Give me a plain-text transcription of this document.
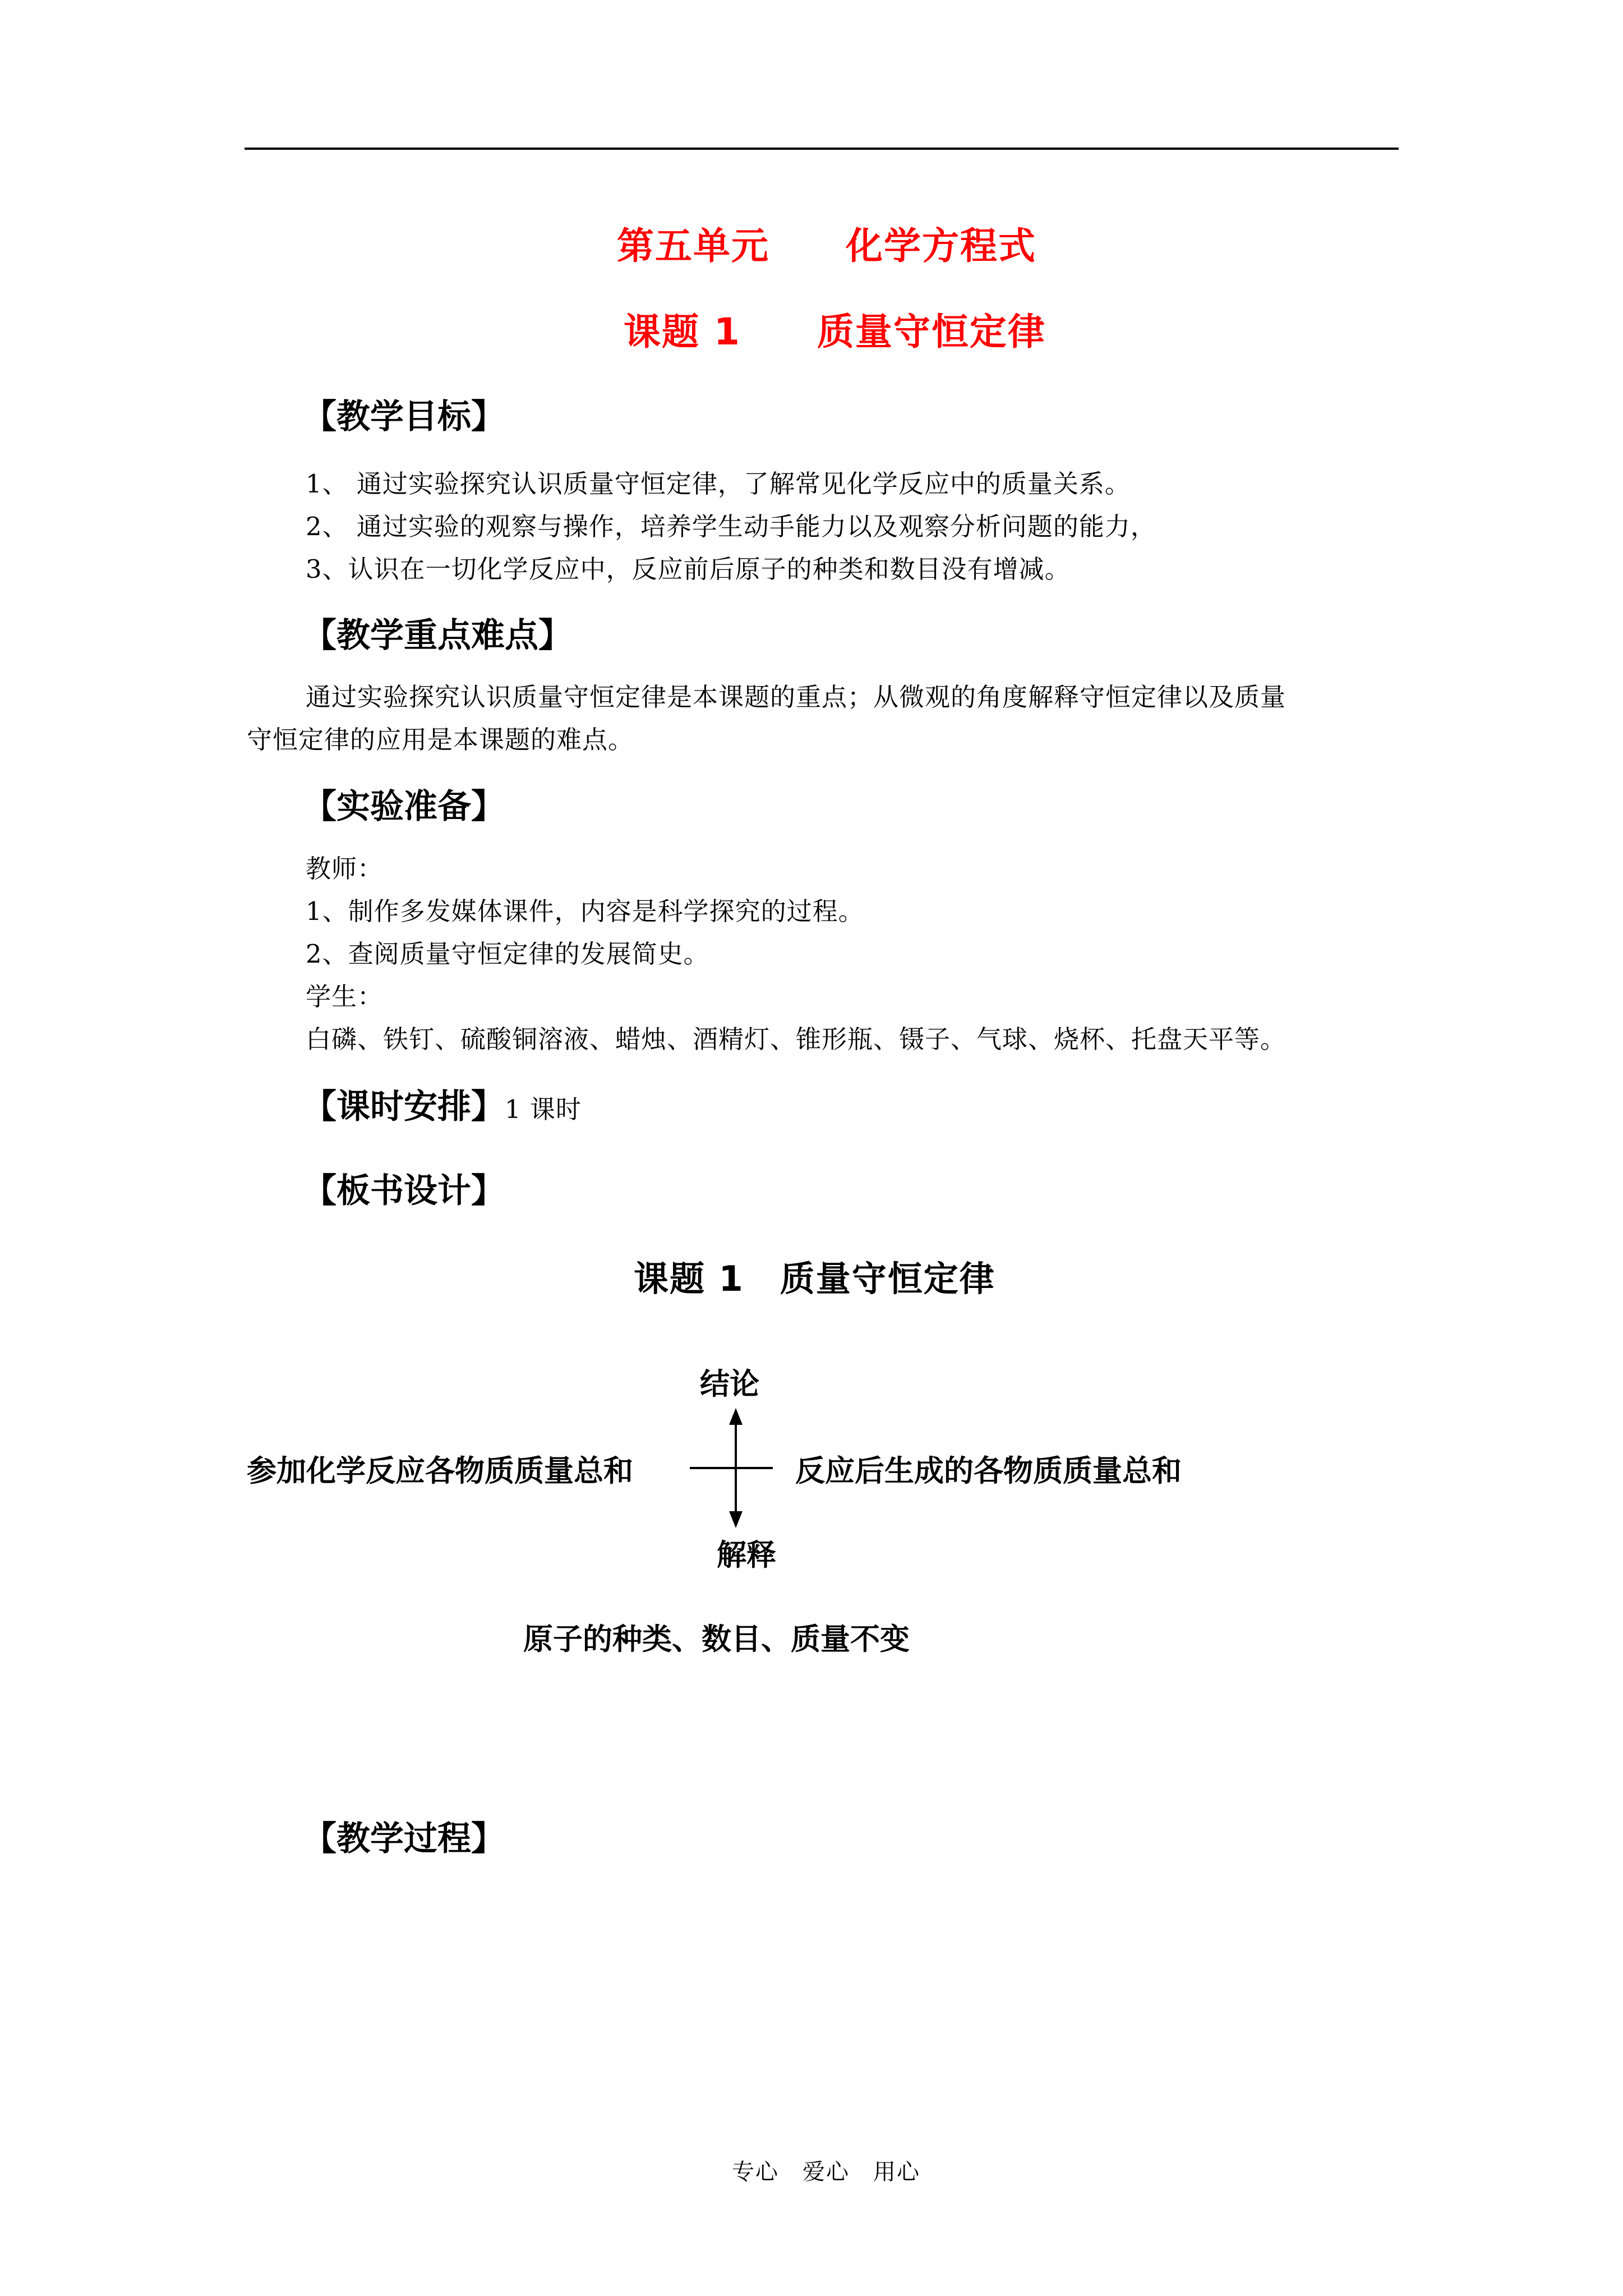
第五单元　　化学方程式
课题 1　　质量守恒定律
【教学目标】
1、 通过实验探究认识质量守恒定律，了解常见化学反应中的质量关系。
2、 通过实验的观察与操作，培养学生动手能力以及观察分析问题的能力，
3、认识在一切化学反应中，反应前后原子的种类和数目没有增减。
【教学重点难点】
通过实验探究认识质量守恒定律是本课题的重点；从微观的角度解释守恒定律以及质量
守恒定律的应用是本课题的难点。
【实验准备】
教师：
1、制作多发媒体课件，内容是科学探究的过程。
2、查阅质量守恒定律的发展简史。
学生：
白磷、铁钉、硫酸铜溶液、蜡烛、酒精灯、锥形瓶、镊子、气球、烧杯、托盘天平等。
【课时安排】1 课时
【板书设计】
课题 1　质量守恒定律
结论
参加化学反应各物质质量总和	反应后生成的各物质质量总和
解释
原子的种类、数目、质量不变
【教学过程】
专心　爱心　用心
